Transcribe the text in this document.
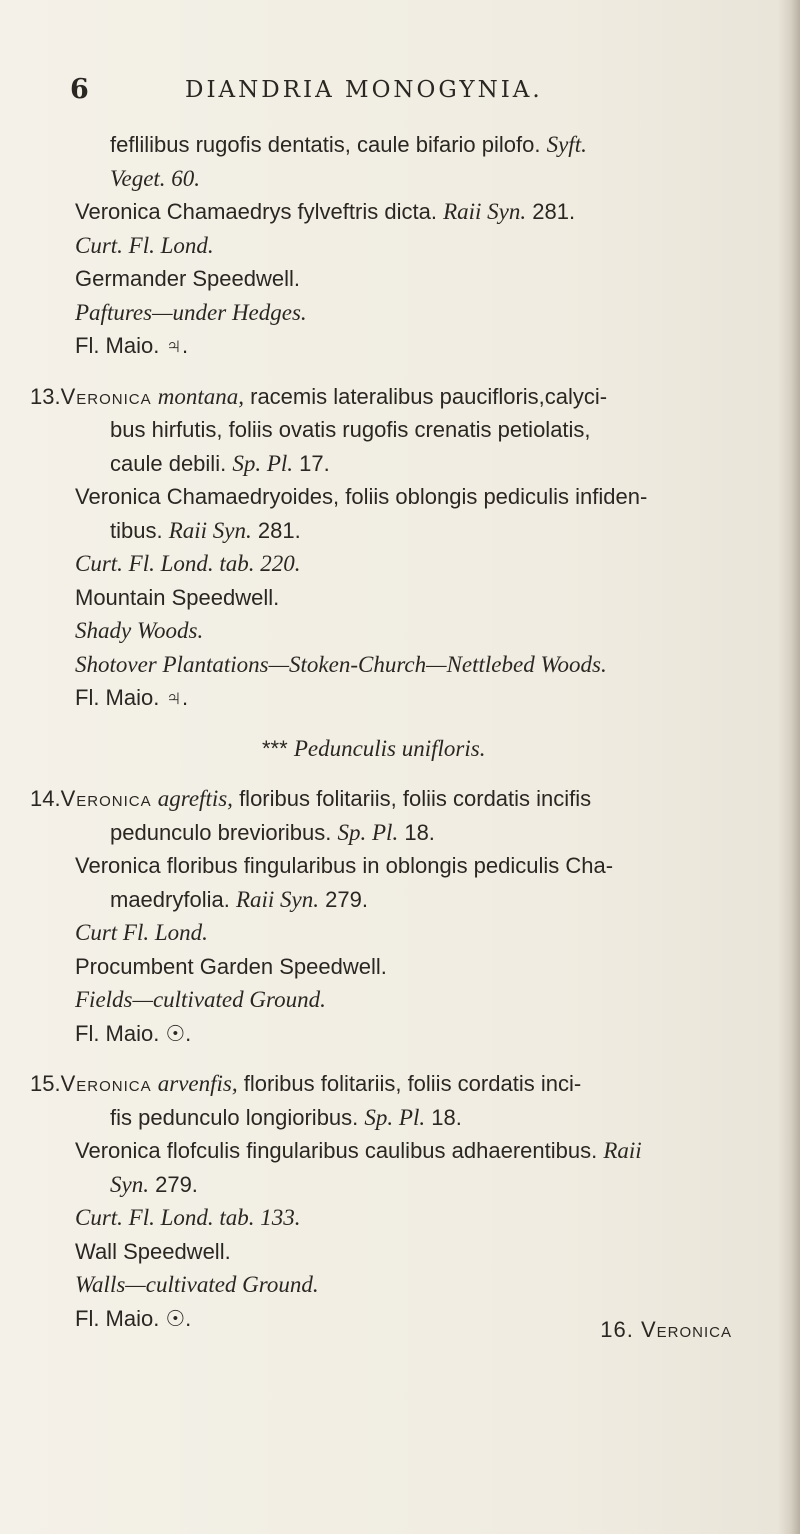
6	DIANDRIA MONOGYNIA.
feflilibus rugofis dentatis, caule bifario pilofo. Syft.
Veget. 60.
Veronica Chamaedrys fylveftris dicta. Raii Syn. 281.
Curt. Fl. Lond.
Germander Speedwell.
Paftures—under Hedges.
Fl. Maio. ♃.
13.Veronica montana, racemis lateralibus paucifloris,calyci-
bus hirfutis, foliis ovatis rugofis crenatis petiolatis,
caule debili. Sp. Pl. 17.
Veronica Chamaedryoides, foliis oblongis pediculis infiden-
tibus. Raii Syn. 281.
Curt. Fl. Lond. tab. 220.
Mountain Speedwell.
Shady Woods.
Shotover Plantations—Stoken-Church—Nettlebed Woods.
Fl. Maio. ♃.
*** Pedunculis unifloris.
14.Veronica agreftis, floribus folitariis, foliis cordatis incifis
pedunculo brevioribus. Sp. Pl. 18.
Veronica floribus fingularibus in oblongis pediculis Cha-
maedryfolia. Raii Syn. 279.
Curt Fl. Lond.
Procumbent Garden Speedwell.
Fields—cultivated Ground.
Fl. Maio. ☉.
15.Veronica arvenfis, floribus folitariis, foliis cordatis inci-
fis pedunculo longioribus. Sp. Pl. 18.
Veronica flofculis fingularibus caulibus adhaerentibus. Raii
Syn. 279.
Curt. Fl. Lond. tab. 133.
Wall Speedwell.
Walls—cultivated Ground.
Fl. Maio. ☉.	16. Veronica
